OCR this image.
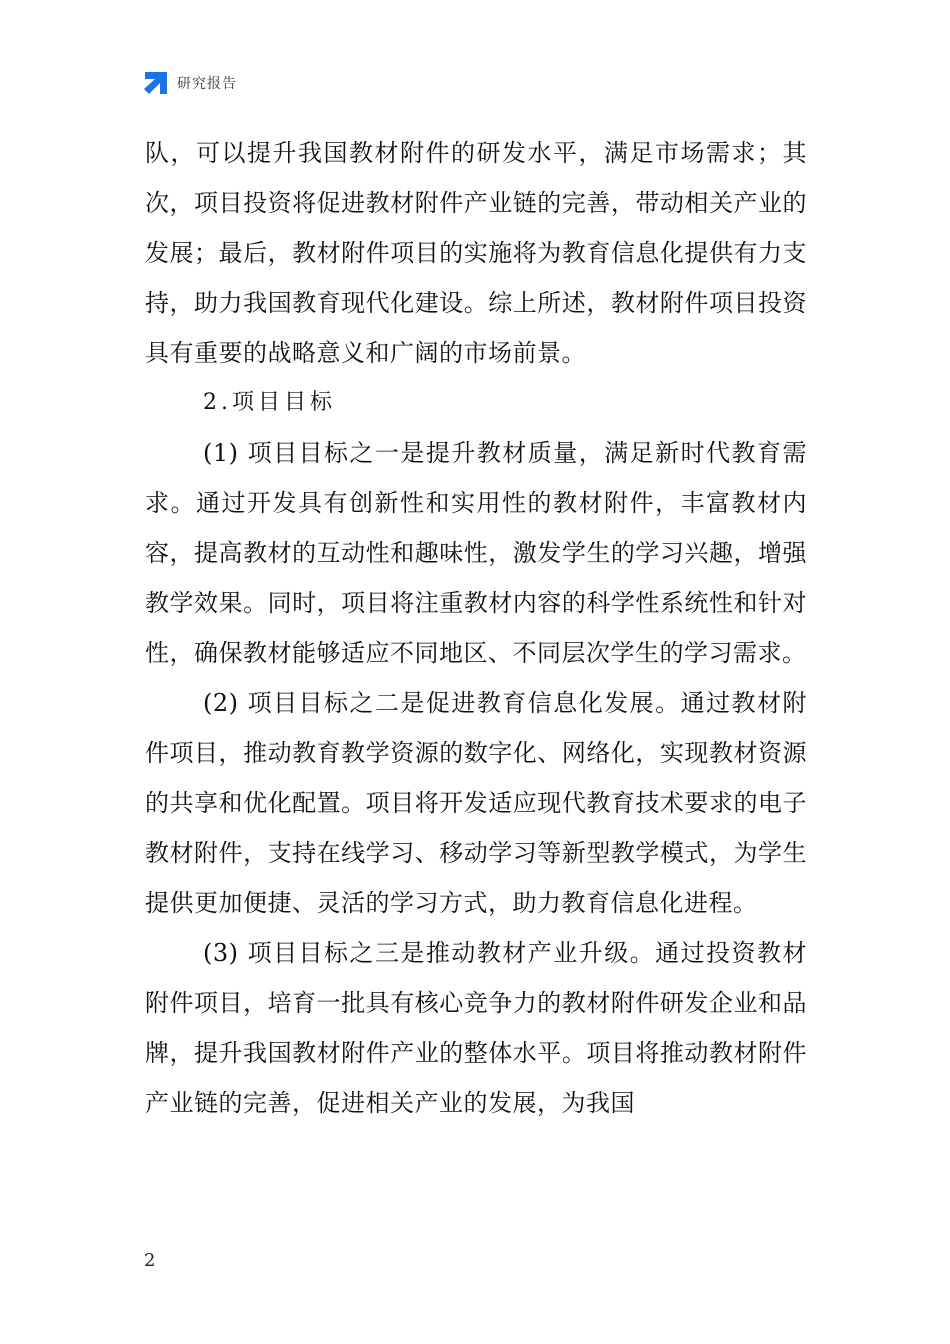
研究报告

队，可以提升我国教材附件的研发水平，满足市场需求；其次，项目投资将促进教材附件产业链的完善，带动相关产业的发展；最后，教材附件项目的实施将为教育信息化提供有力支持，助力我国教育现代化建设。综上所述，教材附件项目投资具有重要的战略意义和广阔的市场前景。

2.项目目标

(1) 项目目标之一是提升教材质量，满足新时代教育需求。通过开发具有创新性和实用性的教材附件，丰富教材内容，提高教材的互动性和趣味性，激发学生的学习兴趣，增强教学效果。同时，项目将注重教材内容的科学性系统性和针对性，确保教材能够适应不同地区、不同层次学生的学习需求。

(2) 项目目标之二是促进教育信息化发展。通过教材附件项目，推动教育教学资源的数字化、网络化，实现教材资源的共享和优化配置。项目将开发适应现代教育技术要求的电子教材附件，支持在线学习、移动学习等新型教学模式，为学生提供更加便捷、灵活的学习方式，助力教育信息化进程。

(3) 项目目标之三是推动教材产业升级。通过投资教材附件项目，培育一批具有核心竞争力的教材附件研发企业和品牌，提升我国教材附件产业的整体水平。项目将推动教材附件产业链的完善，促进相关产业的发展，为我国

2
